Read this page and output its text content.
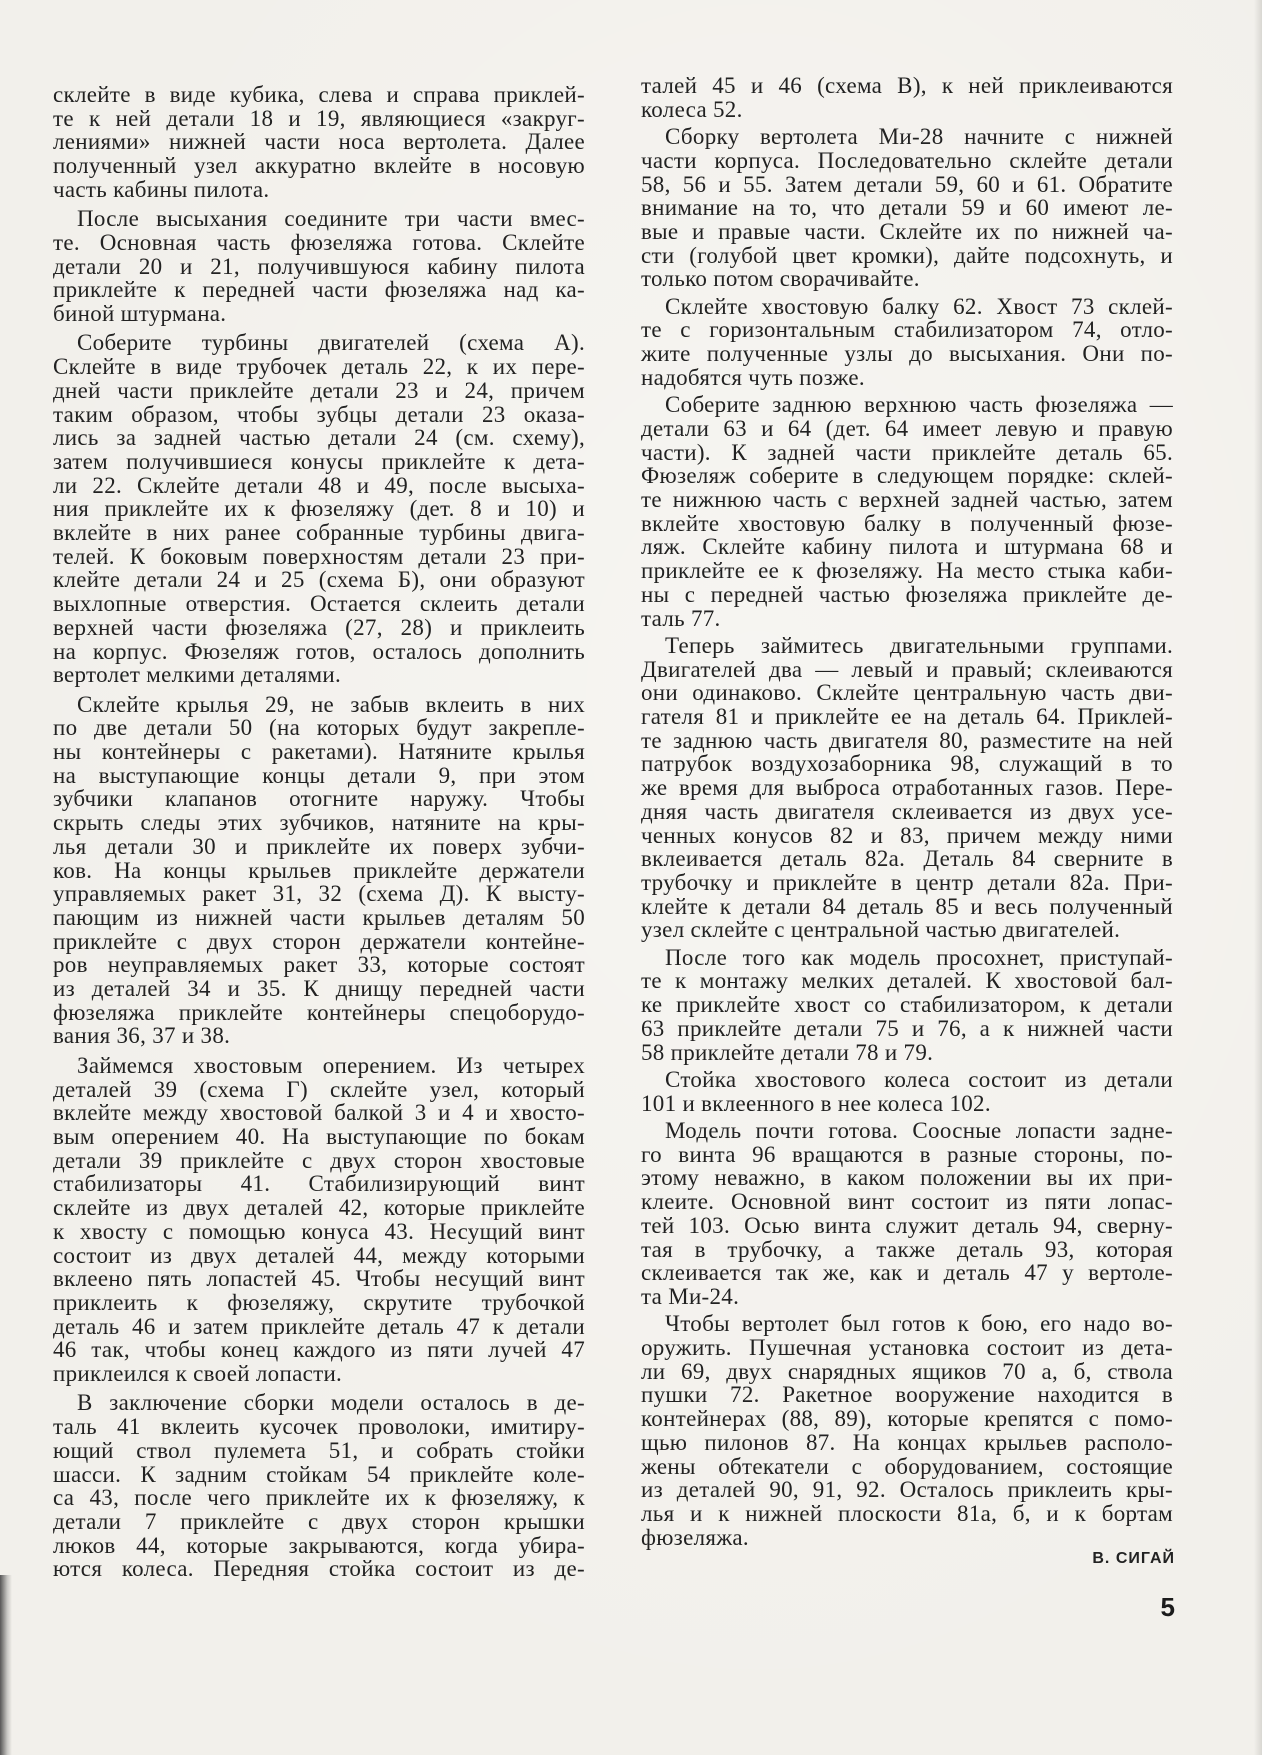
склейте в виде кубика, слева и справа приклей-
те к ней детали 18 и 19, являющиеся «закруг-
лениями» нижней части носа вертолета. Далее
полученный узел аккуратно вклейте в носовую
часть кабины пилота.

После высыхания соедините три части вмес-
те. Основная часть фюзеляжа готова. Склейте
детали 20 и 21, получившуюся кабину пилота
приклейте к передней части фюзеляжа над ка-
биной штурмана.

Соберите турбины двигателей (схема А).
Склейте в виде трубочек деталь 22, к их пере-
дней части приклейте детали 23 и 24, причем
таким образом, чтобы зубцы детали 23 оказа-
лись за задней частью детали 24 (см. схему),
затем получившиеся конусы приклейте к дета-
ли 22. Склейте детали 48 и 49, после высыха-
ния приклейте их к фюзеляжу (дет. 8 и 10) и
вклейте в них ранее собранные турбины двига-
телей. К боковым поверхностям детали 23 при-
клейте детали 24 и 25 (схема Б), они образуют
выхлопные отверстия. Остается склеить детали
верхней части фюзеляжа (27, 28) и приклеить
на корпус. Фюзеляж готов, осталось дополнить
вертолет мелкими деталями.

Склейте крылья 29, не забыв вклеить в них
по две детали 50 (на которых будут закрепле-
ны контейнеры с ракетами). Натяните крылья
на выступающие концы детали 9, при этом
зубчики клапанов отогните наружу. Чтобы
скрыть следы этих зубчиков, натяните на кры-
лья детали 30 и приклейте их поверх зубчи-
ков. На концы крыльев приклейте держатели
управляемых ракет 31, 32 (схема Д). К высту-
пающим из нижней части крыльев деталям 50
приклейте с двух сторон держатели контейне-
ров неуправляемых ракет 33, которые состоят
из деталей 34 и 35. К днищу передней части
фюзеляжа приклейте контейнеры спецоборудо-
вания 36, 37 и 38.

Займемся хвостовым оперением. Из четырех
деталей 39 (схема Г) склейте узел, который
вклейте между хвостовой балкой 3 и 4 и хвосто-
вым оперением 40. На выступающие по бокам
детали 39 приклейте с двух сторон хвостовые
стабилизаторы 41. Стабилизирующий винт
склейте из двух деталей 42, которые приклейте
к хвосту с помощью конуса 43. Несущий винт
состоит из двух деталей 44, между которыми
вклеено пять лопастей 45. Чтобы несущий винт
приклеить к фюзеляжу, скрутите трубочкой
деталь 46 и затем приклейте деталь 47 к детали
46 так, чтобы конец каждого из пяти лучей 47
приклеился к своей лопасти.

В заключение сборки модели осталось в де-
таль 41 вклеить кусочек проволоки, имитиру-
ющий ствол пулемета 51, и собрать стойки
шасси. К задним стойкам 54 приклейте коле-
са 43, после чего приклейте их к фюзеляжу, к
детали 7 приклейте с двух сторон крышки
люков 44, которые закрываются, когда убира-
ются колеса. Передняя стойка состоит из де-

талей 45 и 46 (схема В), к ней приклеиваются
колеса 52.

Сборку вертолета Ми-28 начните с нижней
части корпуса. Последовательно склейте детали
58, 56 и 55. Затем детали 59, 60 и 61. Обратите
внимание на то, что детали 59 и 60 имеют ле-
вые и правые части. Склейте их по нижней ча-
сти (голубой цвет кромки), дайте подсохнуть, и
только потом сворачивайте.

Склейте хвостовую балку 62. Хвост 73 склей-
те с горизонтальным стабилизатором 74, отло-
жите полученные узлы до высыхания. Они по-
надобятся чуть позже.

Соберите заднюю верхнюю часть фюзеляжа —
детали 63 и 64 (дет. 64 имеет левую и правую
части). К задней части приклейте деталь 65.
Фюзеляж соберите в следующем порядке: склей-
те нижнюю часть с верхней задней частью, затем
вклейте хвостовую балку в полученный фюзе-
ляж. Склейте кабину пилота и штурмана 68 и
приклейте ее к фюзеляжу. На место стыка каби-
ны с передней частью фюзеляжа приклейте де-
таль 77.

Теперь займитесь двигательными группами.
Двигателей два — левый и правый; склеиваются
они одинаково. Склейте центральную часть дви-
гателя 81 и приклейте ее на деталь 64. Приклей-
те заднюю часть двигателя 80, разместите на ней
патрубок воздухозаборника 98, служащий в то
же время для выброса отработанных газов. Пере-
дняя часть двигателя склеивается из двух усе-
ченных конусов 82 и 83, причем между ними
вклеивается деталь 82а. Деталь 84 сверните в
трубочку и приклейте в центр детали 82а. При-
клейте к детали 84 деталь 85 и весь полученный
узел склейте с центральной частью двигателей.

После того как модель просохнет, приступай-
те к монтажу мелких деталей. К хвостовой бал-
ке приклейте хвост со стабилизатором, к детали
63 приклейте детали 75 и 76, а к нижней части
58 приклейте детали 78 и 79.

Стойка хвостового колеса состоит из детали
101 и вклеенного в нее колеса 102.

Модель почти готова. Соосные лопасти задне-
го винта 96 вращаются в разные стороны, по-
этому неважно, в каком положении вы их при-
клеите. Основной винт состоит из пяти лопас-
тей 103. Осью винта служит деталь 94, сверну-
тая в трубочку, а также деталь 93, которая
склеивается так же, как и деталь 47 у вертоле-
та Ми-24.

Чтобы вертолет был готов к бою, его надо во-
оружить. Пушечная установка состоит из дета-
ли 69, двух снарядных ящиков 70 а, б, ствола
пушки 72. Ракетное вооружение находится в
контейнерах (88, 89), которые крепятся с помо-
щью пилонов 87. На концах крыльев располо-
жены обтекатели с оборудованием, состоящие
из деталей 90, 91, 92. Осталось приклеить кры-
лья и к нижней плоскости 81а, б, и к бортам
фюзеляжа.

В. СИГАЙ
5
